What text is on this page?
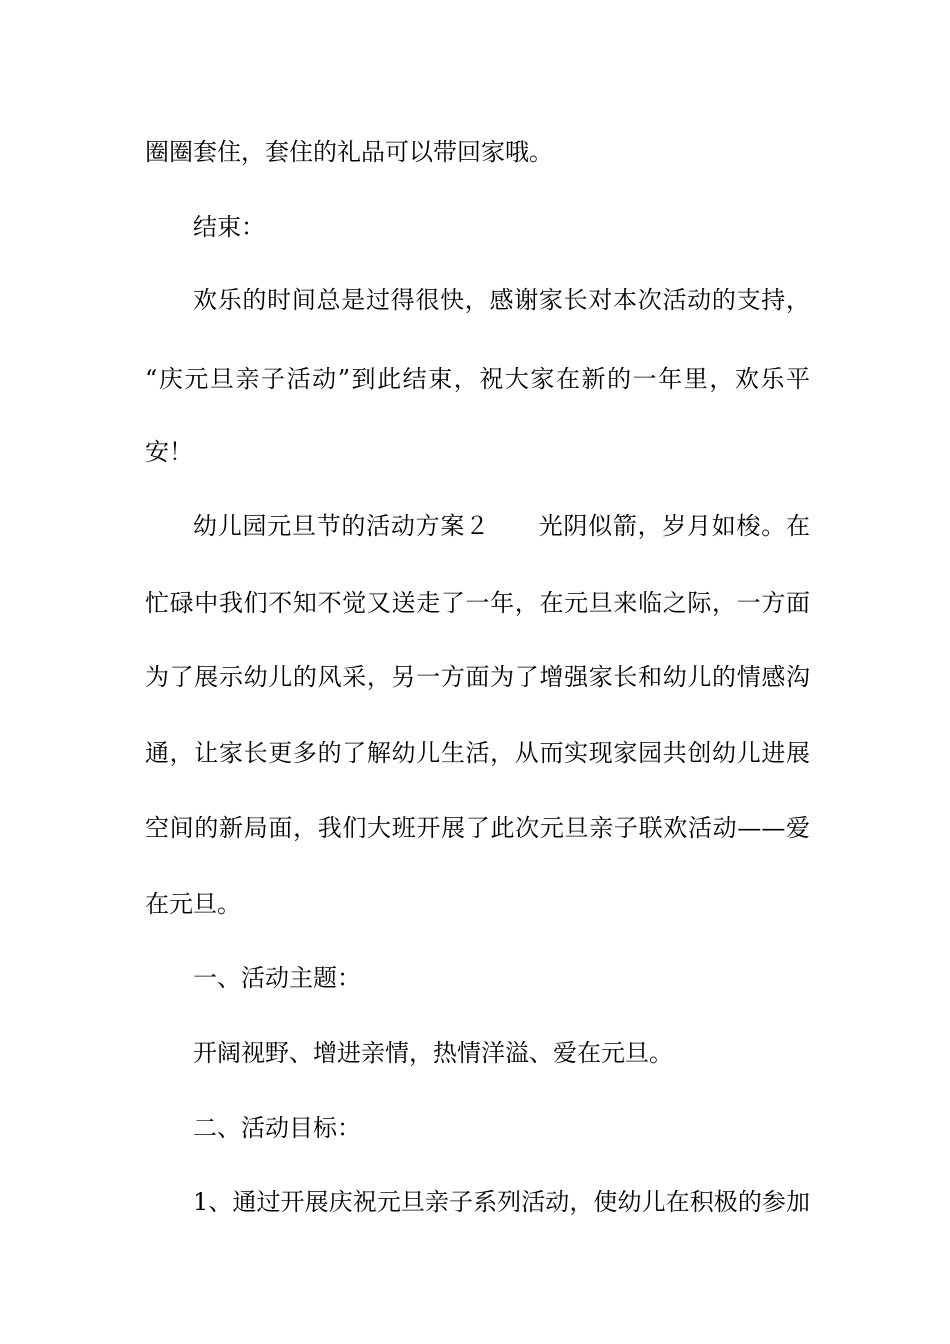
圈圈套住，套住的礼品可以带回家哦。
结束：
欢乐的时间总是过得很快，感谢家长对本次活动的支持，
“庆元旦亲子活动”到此结束，祝大家在新的一年里，欢乐平
安！
幼儿园元旦节的活动方案２ 光阴似箭，岁月如梭。在
忙碌中我们不知不觉又送走了一年，在元旦来临之际，一方面
为了展示幼儿的风采，另一方面为了增强家长和幼儿的情感沟
通，让家长更多的了解幼儿生活，从而实现家园共创幼儿进展
空间的新局面，我们大班开展了此次元旦亲子联欢活动——爱
在元旦。
一、活动主题：
开阔视野、增进亲情，热情洋溢、爱在元旦。
二、活动目标：
1、通过开展庆祝元旦亲子系列活动，使幼儿在积极的参加
